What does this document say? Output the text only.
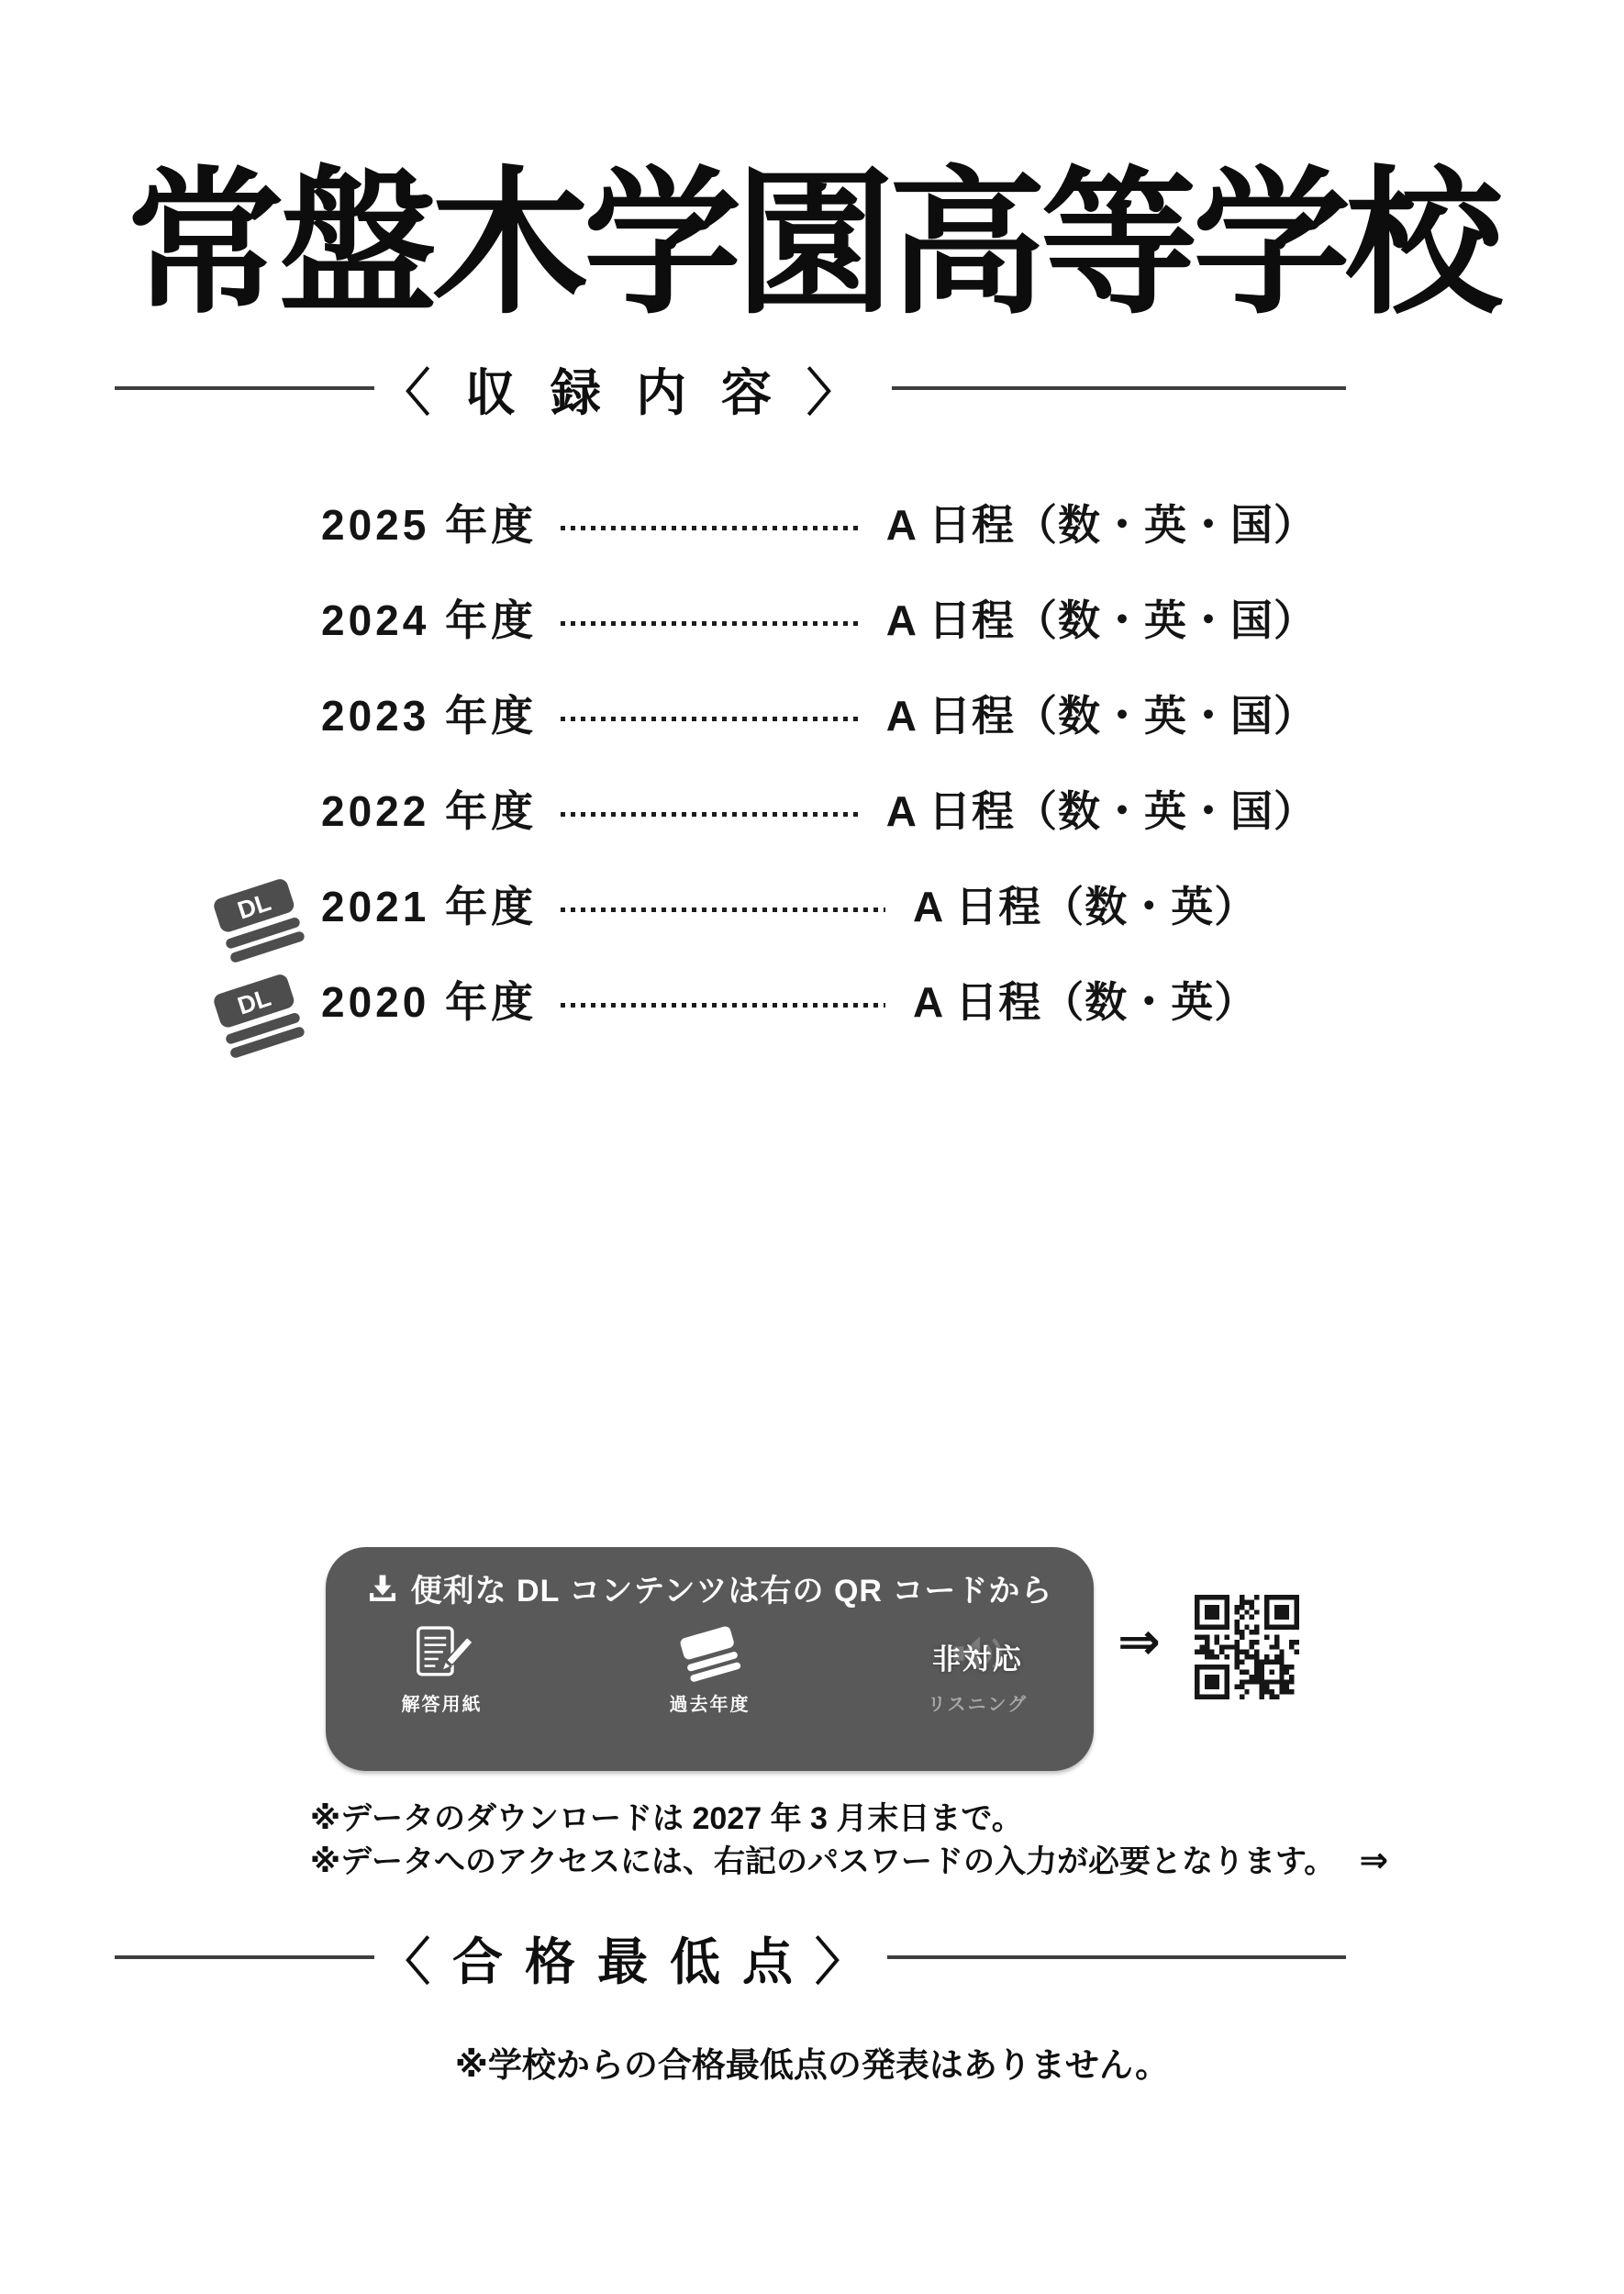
常盤木学園高等学校
〈収録内容〉
2025 年度	A 日程（数・英・国）
2024 年度	A 日程（数・英・国）
2023 年度	A 日程（数・英・国）
2022 年度	A 日程（数・英・国）
DL 2021 年度	A 日程（数・英）
DL 2020 年度	A 日程（数・英）
便利な DL コンテンツは右の QR コードから
解答用紙	過去年度
非対応
リスニング
⇒
※データのダウンロードは 2027 年 3 月末日まで。
※データへのアクセスには、右記のパスワードの入力が必要となります。 ⇒
〈合格最低点〉
※学校からの合格最低点の発表はありません。
